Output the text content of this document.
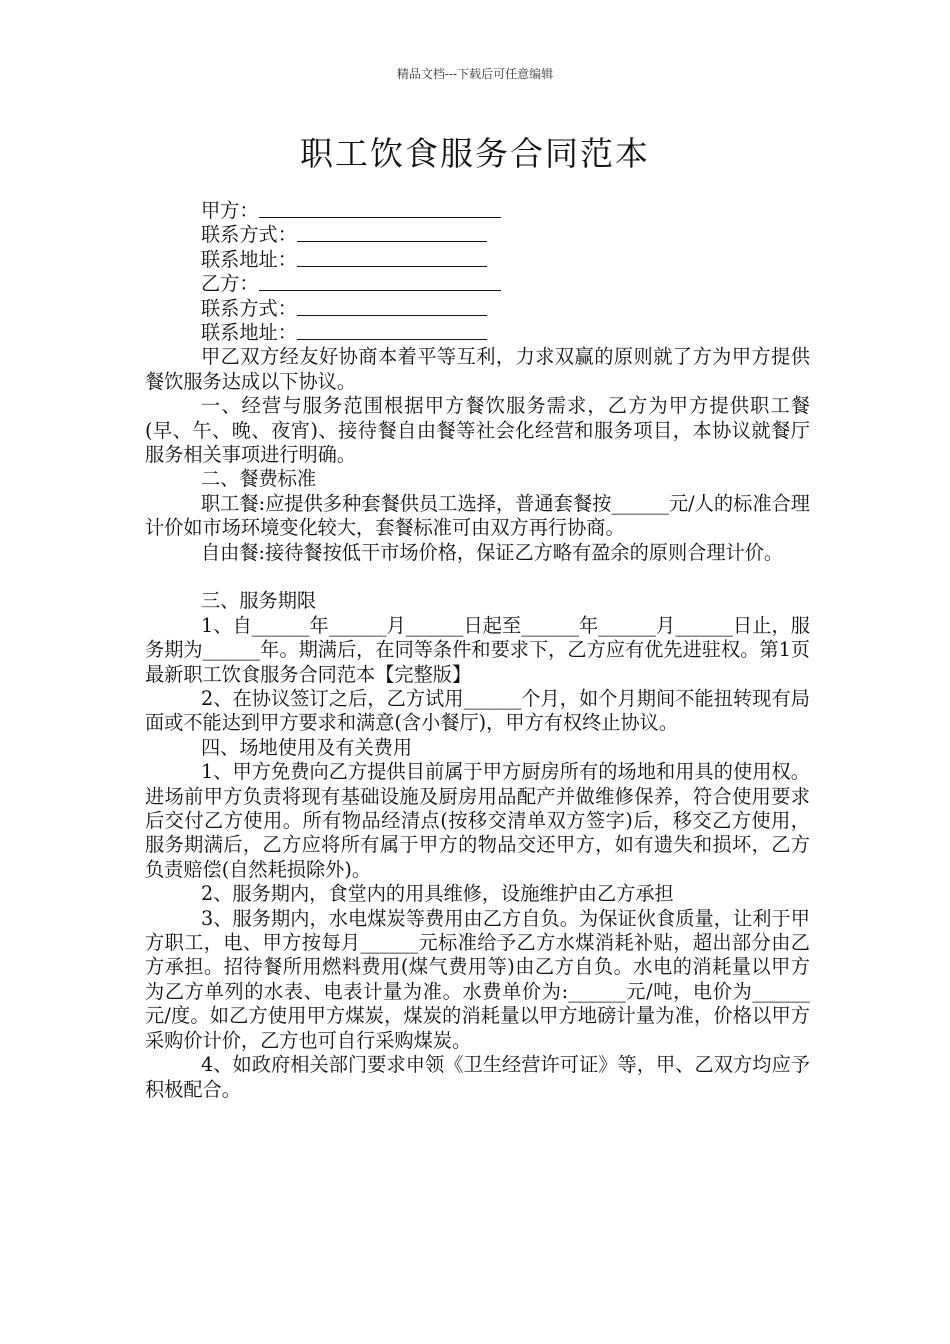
精品文档---下载后可任意编辑
职工饮食服务合同范本
甲方：
联系方式：
联系地址：
乙方：
联系方式：
联系地址：

甲乙双方经友好协商本着平等互利，力求双赢的原则就了方为甲方提供餐饮服务达成以下协议。

一、经营与服务范围根据甲方餐饮服务需求，乙方为甲方提供职工餐(早、午、晚、夜宵)、接待餐自由餐等社会化经营和服务项目，本协议就餐厅服务相关事项进行明确。

二、餐费标准

职工餐:应提供多种套餐供员工选择，普通套餐按______元/人的标准合理计价如市场环境变化较大，套餐标准可由双方再行协商。

自由餐:接待餐按低干市场价格，保证乙方略有盈余的原则合理计价。

三、服务期限

1、自______年______月______日起至______年______月______日止，服务期为______年。期满后，在同等条件和要求下，乙方应有优先进驻权。第1页最新职工饮食服务合同范本【完整版】

2、在协议签订之后，乙方试用______个月，如个月期间不能扭转现有局面或不能达到甲方要求和满意(含小餐厅)，甲方有权终止协议。

四、场地使用及有关费用

1、甲方免费向乙方提供目前属于甲方厨房所有的场地和用具的使用权。进场前甲方负责将现有基础设施及厨房用品配产并做维修保养，符合使用要求后交付乙方使用。所有物品经清点(按移交清单双方签字)后，移交乙方使用，服务期满后，乙方应将所有属于甲方的物品交还甲方，如有遗失和损坏，乙方负责赔偿(自然耗损除外)。

2、服务期内，食堂内的用具维修，设施维护由乙方承担

3、服务期内，水电煤炭等费用由乙方自负。为保证伙食质量，让利于甲方职工，电、甲方按每月______元标准给予乙方水煤消耗补贴，超出部分由乙方承担。招待餐所用燃料费用(煤气费用等)由乙方自负。水电的消耗量以甲方为乙方单列的水表、电表计量为准。水费单价为:______元/吨，电价为______元/度。如乙方使用甲方煤炭，煤炭的消耗量以甲方地磅计量为准，价格以甲方采购价计价，乙方也可自行采购煤炭。

4、如政府相关部门要求申领《卫生经营许可证》等，甲、乙双方均应予积极配合。
